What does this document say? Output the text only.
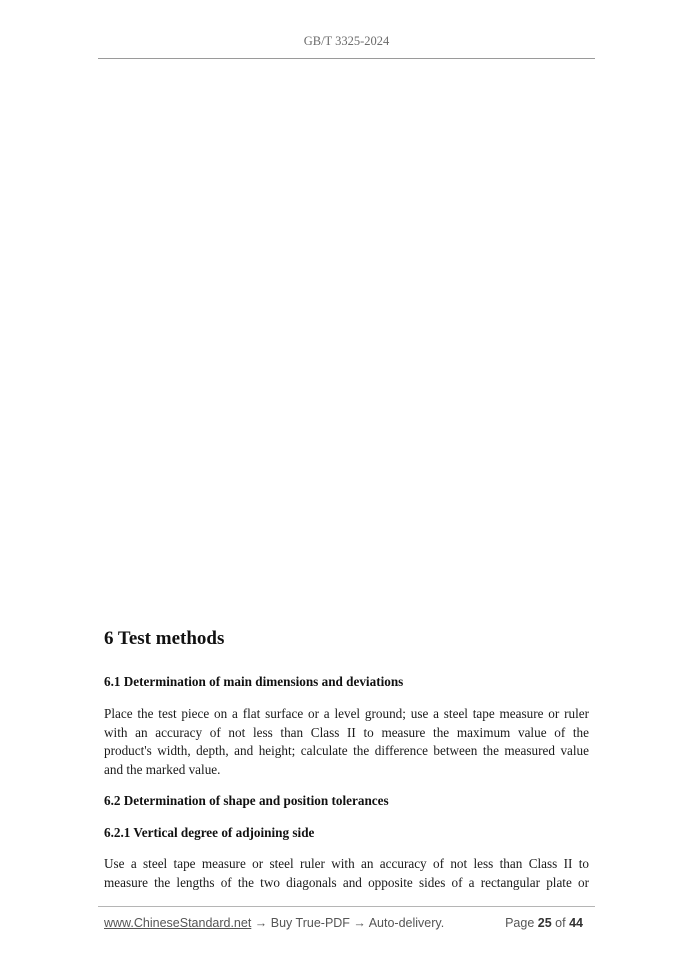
GB/T 3325-2024
6 Test methods
6.1 Determination of main dimensions and deviations
Place the test piece on a flat surface or a level ground; use a steel tape measure or ruler
with an accuracy of not less than Class II to measure the maximum value of the
product's width, depth, and height; calculate the difference between the measured value
and the marked value.
6.2 Determination of shape and position tolerances
6.2.1 Vertical degree of adjoining side
Use a steel tape measure or steel ruler with an accuracy of not less than Class II to
measure the lengths of the two diagonals and opposite sides of a rectangular plate or
www.ChineseStandard.net → Buy True-PDF → Auto-delivery.	Page 25 of 44
